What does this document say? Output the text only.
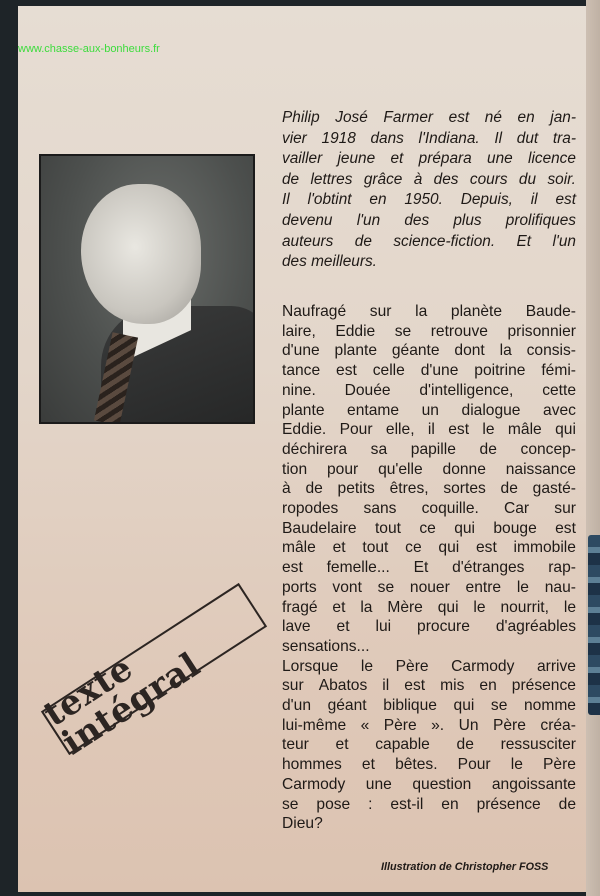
www.chasse-aux-bonheurs.fr
Philip José Farmer est né en jan-
vier 1918 dans l'Indiana. Il dut tra-
vailler jeune et prépara une licence
de lettres grâce à des cours du soir.
Il l'obtint en 1950. Depuis, il est
devenu l'un des plus prolifiques
auteurs de science-fiction. Et l'un
des meilleurs.
Naufragé sur la planète Baude-
laire, Eddie se retrouve prisonnier
d'une plante géante dont la consis-
tance est celle d'une poitrine fémi-
nine. Douée d'intelligence, cette
plante entame un dialogue avec
Eddie. Pour elle, il est le mâle qui
déchirera sa papille de concep-
tion pour qu'elle donne naissance
à de petits êtres, sortes de gasté-
ropodes sans coquille. Car sur
Baudelaire tout ce qui bouge est
mâle et tout ce qui est immobile
est femelle... Et d'étranges rap-
ports vont se nouer entre le nau-
fragé et la Mère qui le nourrit, le
lave et lui procure d'agréables
sensations...
Lorsque le Père Carmody arrive
sur Abatos il est mis en présence
d'un géant biblique qui se nomme
lui-même « Père ». Un Père créa-
teur et capable de ressusciter
hommes et bêtes. Pour le Père
Carmody une question angoissante
se pose : est-il en présence de
Dieu?
texte intégral
Illustration de Christopher FOSS
